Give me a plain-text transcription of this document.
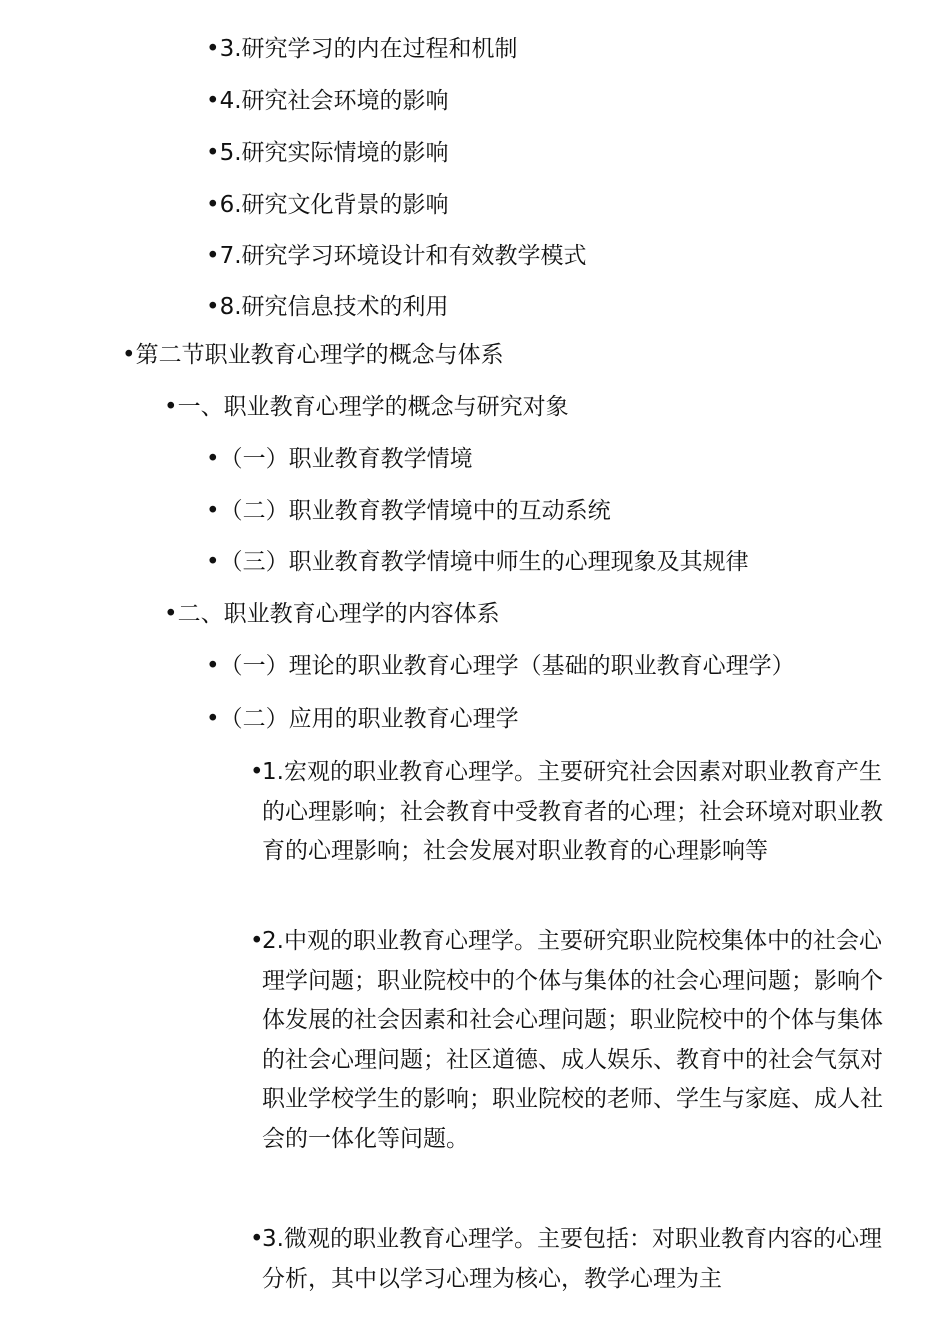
•3.研究学习的内在过程和机制
•4.研究社会环境的影响
•5.研究实际情境的影响
•6.研究文化背景的影响
•7.研究学习环境设计和有效教学模式
•8.研究信息技术的利用
•第二节职业教育心理学的概念与体系
•一、职业教育心理学的概念与研究对象
•（一）职业教育教学情境
•（二）职业教育教学情境中的互动系统
•（三）职业教育教学情境中师生的心理现象及其规律
•二、职业教育心理学的内容体系
•（一）理论的职业教育心理学（基础的职业教育心理学）
•（二）应用的职业教育心理学
•
1.宏观的职业教育心理学。主要研究社会因素对职业教育产生的心理影响；社会教育中受教育者的心理；社会环境对职业教育的心理影响；社会发展对职业教育的心理影响等
•
2.中观的职业教育心理学。主要研究职业院校集体中的社会心理学问题；职业院校中的个体与集体的社会心理问题；影响个体发展的社会因素和社会心理问题；职业院校中的个体与集体的社会心理问题；社区道德、成人娱乐、教育中的社会气氛对职业学校学生的影响；职业院校的老师、学生与家庭、成人社会的一体化等问题。
•
3.微观的职业教育心理学。主要包括：对职业教育内容的心理分析，其中以学习心理为核心，教学心理为主
